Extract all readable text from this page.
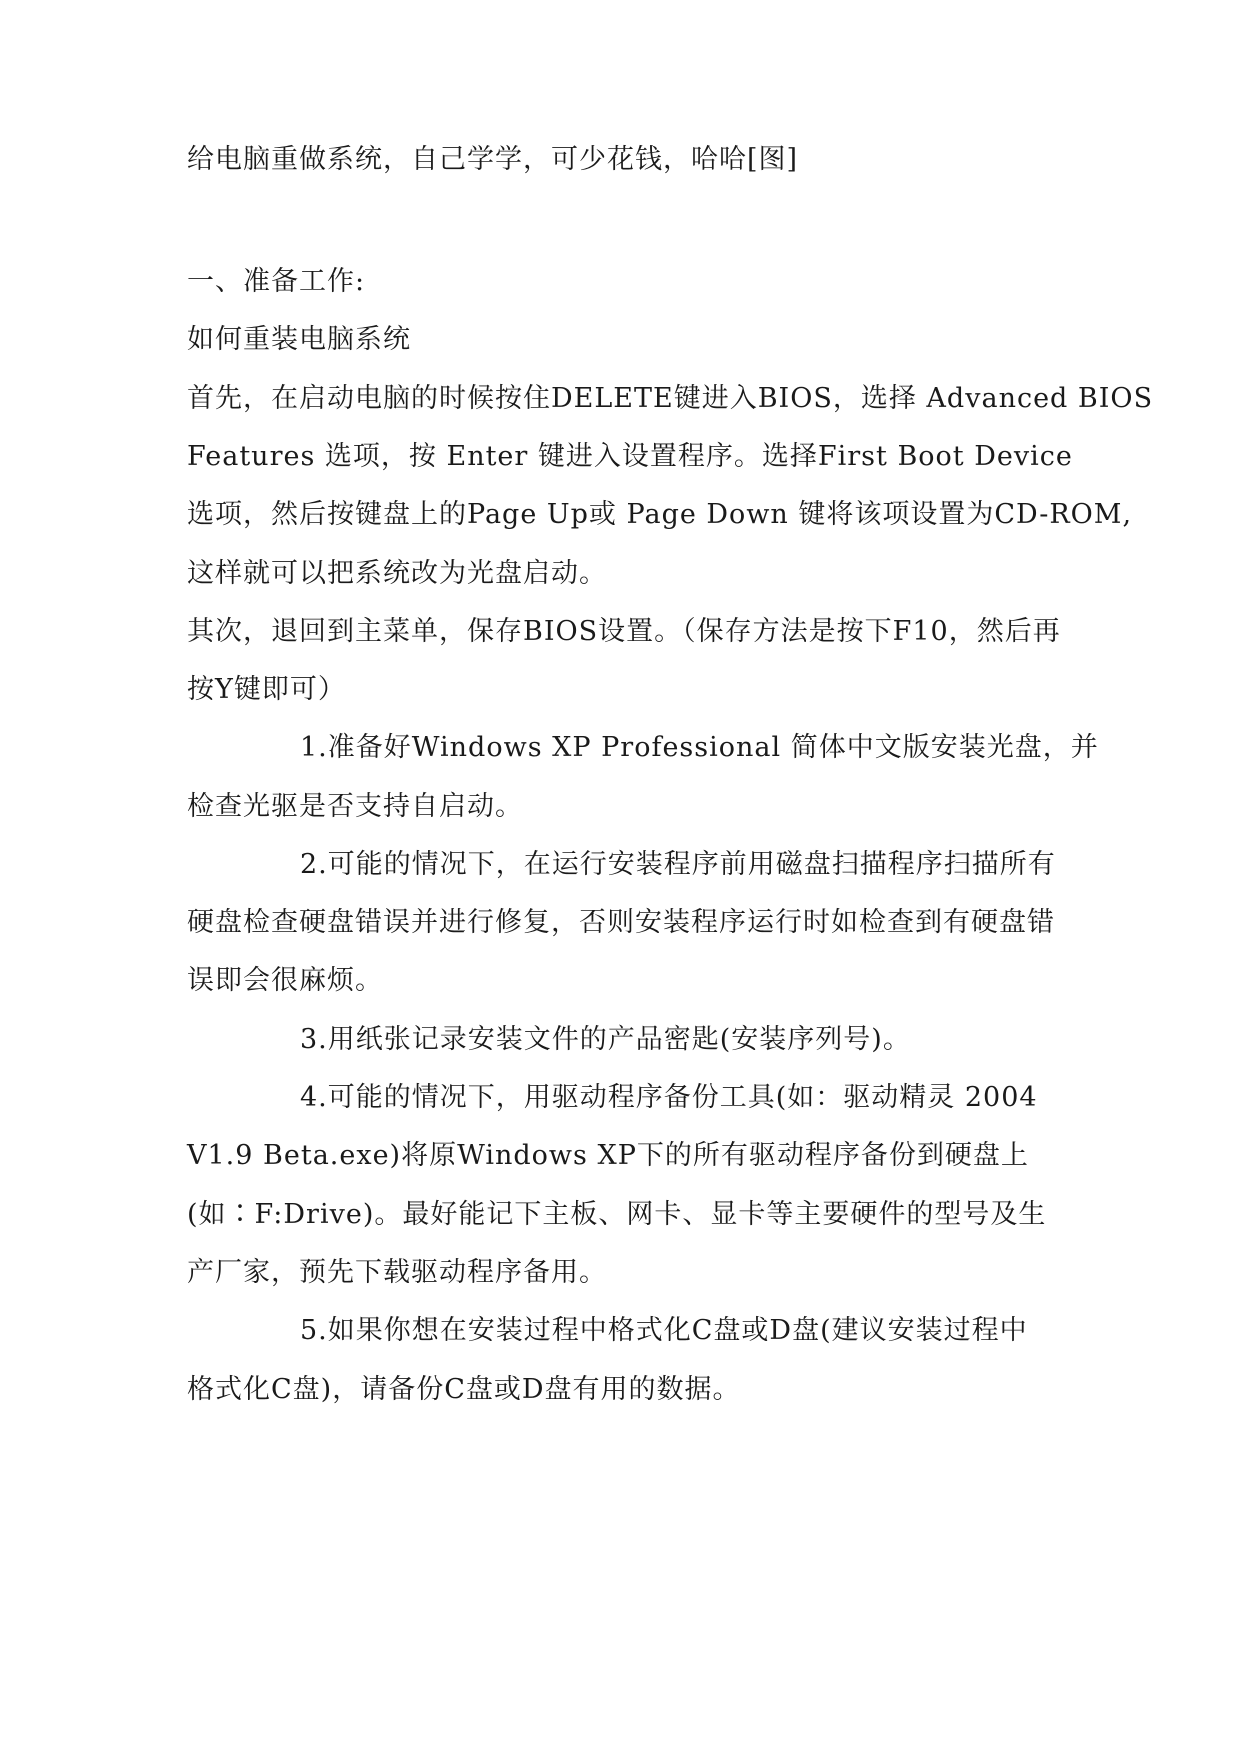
给电脑重做系统，自己学学，可少花钱，哈哈[图]
一、准备工作:
如何重装电脑系统
首先，在启动电脑的时候按住DELETE键进入BIOS，选择 Advanced BIOS
Features 选项，按 Enter 键进入设置程序。选择First Boot Device
选项，然后按键盘上的Page Up或 Page Down 键将该项设置为CD-ROM,
这样就可以把系统改为光盘启动。
其次，退回到主菜单，保存BIOS设置。（保存方法是按下F10，然后再
按Y键即可）
1.准备好Windows XP Professional 简体中文版安装光盘，并
检查光驱是否支持自启动。
2.可能的情况下，在运行安装程序前用磁盘扫描程序扫描所有
硬盘检查硬盘错误并进行修复，否则安装程序运行时如检查到有硬盘错
误即会很麻烦。
3.用纸张记录安装文件的产品密匙(安装序列号)。
4.可能的情况下，用驱动程序备份工具(如：驱动精灵 2004
V1.9 Beta.exe)将原Windows XP下的所有驱动程序备份到硬盘上
(如∶F:Drive)。最好能记下主板、网卡、显卡等主要硬件的型号及生
产厂家，预先下载驱动程序备用。
5.如果你想在安装过程中格式化C盘或D盘(建议安装过程中
格式化C盘)，请备份C盘或D盘有用的数据。
